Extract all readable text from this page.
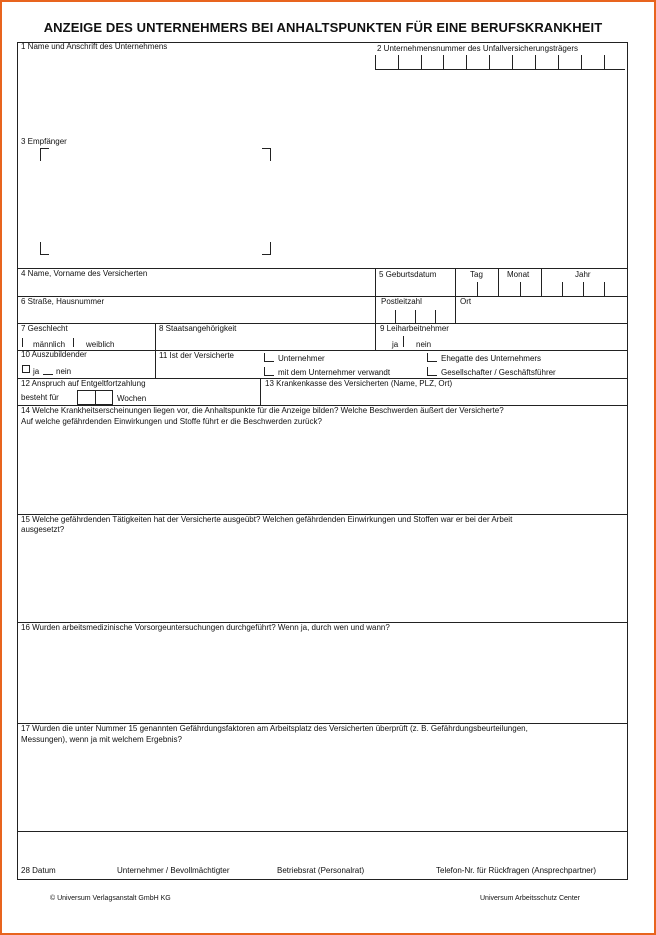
ANZEIGE DES UNTERNEHMERS BEI ANHALTSPUNKTEN FÜR EINE BERUFSKRANKHEIT
1 Name und Anschrift des Unternehmens	2 Unternehmensnummer des Unfallversicherungsträgers
3 Empfänger
4 Name, Vorname des Versicherten	5 Geburtsdatum	Tag	Monat	Jahr
6 Straße, Hausnummer	Postleitzahl	Ort
7 Geschlecht
männlich	weiblich
8 Staatsangehörigkeit	9 Leiharbeitnehmer
ja nein
10 Auszubildender
ja nein
11 Ist der Versicherte	Unternehmer
mit dem Unternehmer verwandt
Ehegatte des Unternehmers
Gesellschafter / Geschäftsführer
12 Anspruch auf Entgeltfortzahlung
besteht für	Wochen
13 Krankenkasse des Versicherten (Name, PLZ, Ort)
14 Welche Krankheitserscheinungen liegen vor, die Anhaltspunkte für die Anzeige bilden? Welche Beschwerden äußert der Versicherte?
Auf welche gefährdenden Einwirkungen und Stoffe führt er die Beschwerden zurück?
15 Welche gefährdenden Tätigkeiten hat der Versicherte ausgeübt? Welchen gefährdenden Einwirkungen und Stoffen war er bei der Arbeit
ausgesetzt?
16 Wurden arbeitsmedizinische Vorsorgeuntersuchungen durchgeführt? Wenn ja, durch wen und wann?
17 Wurden die unter Nummer 15 genannten Gefährdungsfaktoren am Arbeitsplatz des Versicherten überprüft (z. B. Gefährdungsbeurteilungen,
Messungen), wenn ja mit welchem Ergebnis?
28 Datum	Unternehmer / Bevollmächtigter	Betriebsrat (Personalrat)	Telefon-Nr. für Rückfragen (Ansprechpartner)
© Universum Verlagsanstalt GmbH KG	Universum Arbeitsschutz Center
